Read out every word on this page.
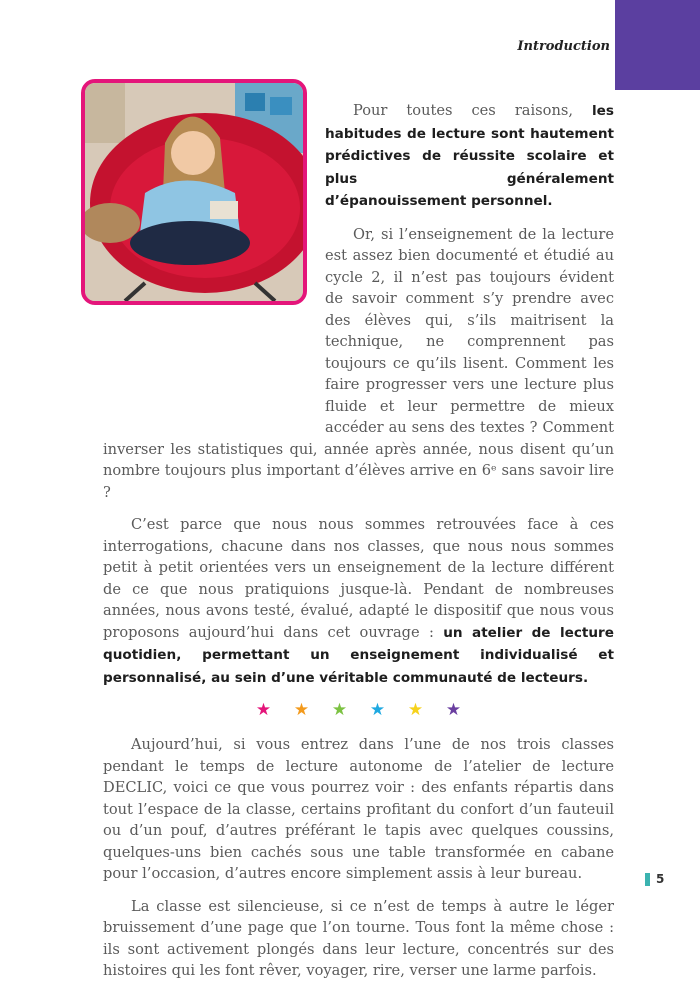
Introduction

Pour toutes ces raisons, les habitudes de lecture sont hautement prédictives de réussite scolaire et plus généralement d’épanouissement personnel.

Or, si l’enseignement de la lecture est assez bien documenté et étudié au cycle 2, il n’est pas toujours évident de savoir comment s’y prendre avec des élèves qui, s’ils maitrisent la technique, ne comprennent pas toujours ce qu’ils lisent. Comment les faire progresser vers une lecture plus fluide et leur permettre de mieux accéder au sens des textes ? Comment inverser les statistiques qui, année après année, nous disent qu’un nombre toujours plus important d’élèves arrive en 6ᵉ sans savoir lire ?

C’est parce que nous nous sommes retrouvées face à ces interrogations, chacune dans nos classes, que nous nous sommes petit à petit orientées vers un enseignement de la lecture différent de ce que nous pratiquions jusque-là. Pendant de nombreuses années, nous avons testé, évalué, adapté le dispositif que nous vous proposons aujourd’hui dans cet ouvrage : un atelier de lecture quotidien, permettant un enseignement individualisé et personnalisé, au sein d’une véritable communauté de lecteurs.

★ ★ ★ ★ ★ ★

Aujourd’hui, si vous entrez dans l’une de nos trois classes pendant le temps de lecture autonome de l’atelier de lecture DECLIC, voici ce que vous pourrez voir : des enfants répartis dans tout l’espace de la classe, certains profitant du confort d’un fauteuil ou d’un pouf, d’autres préférant le tapis avec quelques coussins, quelques-uns bien cachés sous une table transformée en cabane pour l’occasion, d’autres encore simplement assis à leur bureau.

La classe est silencieuse, si ce n’est de temps à autre le léger bruissement d’une page que l’on tourne. Tous font la même chose : ils sont activement plongés dans leur lecture, concentrés sur des histoires qui les font rêver, voyager, rire, verser une larme parfois.

5
